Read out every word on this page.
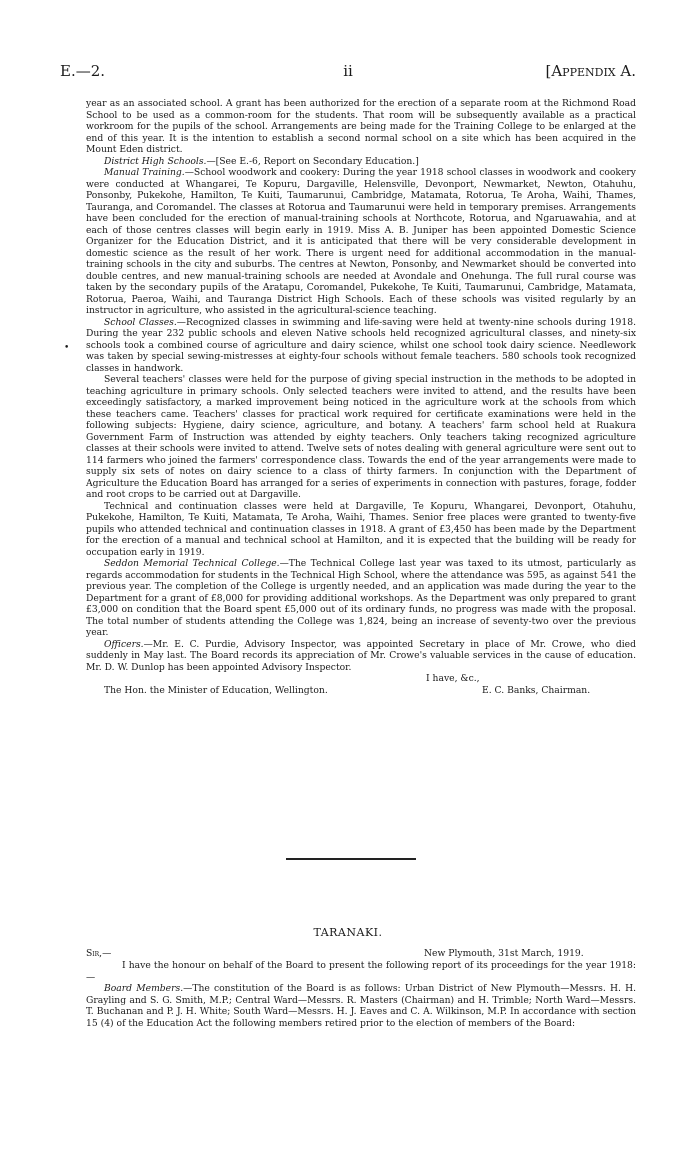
E.—2.	ii	[Appendix A.
•

year as an associated school. A grant has been authorized for the erection of a separate room at the Richmond Road School to be used as a common-room for the students. That room will be subsequently available as a practical workroom for the pupils of the school. Arrangements are being made for the Training College to be enlarged at the end of this year. It is the intention to establish a second normal school on a site which has been acquired in the Mount Eden district.

District High Schools.—[See E.-6, Report on Secondary Education.]

Manual Training.—School woodwork and cookery: During the year 1918 school classes in woodwork and cookery were conducted at Whangarei, Te Kopuru, Dargaville, Helensville, Devonport, Newmarket, Newton, Otahuhu, Ponsonby, Pukekohe, Hamilton, Te Kuiti, Taumarunui, Cambridge, Matamata, Rotorua, Te Aroha, Waihi, Thames, Tauranga, and Coromandel. The classes at Rotorua and Taumarunui were held in temporary premises. Arrangements have been concluded for the erection of manual-training schools at Northcote, Rotorua, and Ngaruawahia, and at each of those centres classes will begin early in 1919. Miss A. B. Juniper has been appointed Domestic Science Organizer for the Education District, and it is anticipated that there will be very considerable development in domestic science as the result of her work. There is urgent need for additional accommodation in the manual-training schools in the city and suburbs. The centres at Newton, Ponsonby, and Newmarket should be converted into double centres, and new manual-training schools are needed at Avondale and Onehunga. The full rural course was taken by the secondary pupils of the Aratapu, Coromandel, Pukekohe, Te Kuiti, Taumarunui, Cambridge, Matamata, Rotorua, Paeroa, Waihi, and Tauranga District High Schools. Each of these schools was visited regularly by an instructor in agriculture, who assisted in the agricultural-science teaching.

School Classes.—Recognized classes in swimming and life-saving were held at twenty-nine schools during 1918. During the year 232 public schools and eleven Native schools held recognized agricultural classes, and ninety-six schools took a combined course of agriculture and dairy science, whilst one school took dairy science. Needlework was taken by special sewing-mistresses at eighty-four schools without female teachers. 580 schools took recognized classes in handwork.

Several teachers' classes were held for the purpose of giving special instruction in the methods to be adopted in teaching agriculture in primary schools. Only selected teachers were invited to attend, and the results have been exceedingly satisfactory, a marked improvement being noticed in the agriculture work at the schools from which these teachers came. Teachers' classes for practical work required for certificate examinations were held in the following subjects: Hygiene, dairy science, agriculture, and botany. A teachers' farm school held at Ruakura Government Farm of Instruction was attended by eighty teachers. Only teachers taking recognized agriculture classes at their schools were invited to attend. Twelve sets of notes dealing with general agriculture were sent out to 114 farmers who joined the farmers' correspondence class. Towards the end of the year arrangements were made to supply six sets of notes on dairy science to a class of thirty farmers. In conjunction with the Department of Agriculture the Education Board has arranged for a series of experiments in connection with pastures, forage, fodder and root crops to be carried out at Dargaville.

Technical and continuation classes were held at Dargaville, Te Kopuru, Whangarei, Devonport, Otahuhu, Pukekohe, Hamilton, Te Kuiti, Matamata, Te Aroha, Waihi, Thames. Senior free places were granted to twenty-five pupils who attended technical and continuation classes in 1918. A grant of £3,450 has been made by the Department for the erection of a manual and technical school at Hamilton, and it is expected that the building will be ready for occupation early in 1919.

Seddon Memorial Technical College.—The Technical College last year was taxed to its utmost, particularly as regards accommodation for students in the Technical High School, where the attendance was 595, as against 541 the previous year. The completion of the College is urgently needed, and an application was made during the year to the Department for a grant of £8,000 for providing additional workshops. As the Department was only prepared to grant £3,000 on condition that the Board spent £5,000 out of its ordinary funds, no progress was made with the proposal. The total number of students attending the College was 1,824, being an increase of seventy-two over the previous year.

Officers.—Mr. E. C. Purdie, Advisory Inspector, was appointed Secretary in place of Mr. Crowe, who died suddenly in May last. The Board records its appreciation of Mr. Crowe's valuable services in the cause of education. Mr. D. W. Dunlop has been appointed Advisory Inspector.

I have, &c.,
The Hon. the Minister of Education, Wellington.	E. C. Banks, Chairman.
TARANAKI.
Sir,—	New Plymouth, 31st March, 1919.

I have the honour on behalf of the Board to present the following report of its proceedings for the year 1918:—

Board Members.—The constitution of the Board is as follows: Urban District of New Plymouth—Messrs. H. H. Grayling and S. G. Smith, M.P.; Central Ward—Messrs. R. Masters (Chairman) and H. Trimble; North Ward—Messrs. T. Buchanan and P. J. H. White; South Ward—Messrs. H. J. Eaves and C. A. Wilkinson, M.P. In accordance with section 15 (4) of the Education Act the following members retired prior to the election of members of the Board:
